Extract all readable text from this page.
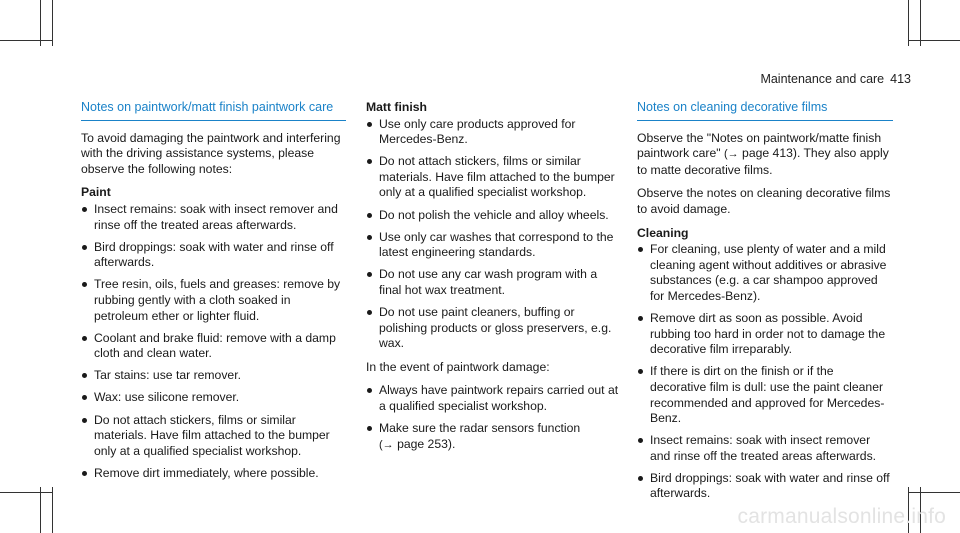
Maintenance and care 413
Notes on paintwork/matt finish paintwork care

To avoid damaging the paintwork and interfering with the driving assistance systems, please observe the following notes:

Paint
Insect remains: soak with insect remover and rinse off the treated areas afterwards.
Bird droppings: soak with water and rinse off afterwards.
Tree resin, oils, fuels and greases: remove by rubbing gently with a cloth soaked in petroleum ether or lighter fluid.
Coolant and brake fluid: remove with a damp cloth and clean water.
Tar stains: use tar remover.
Wax: use silicone remover.
Do not attach stickers, films or similar materials. Have film attached to the bumper only at a qualified specialist workshop.
Remove dirt immediately, where possible.
Matt finish
Use only care products approved for Mercedes-Benz.
Do not attach stickers, films or similar materials. Have film attached to the bumper only at a qualified specialist workshop.
Do not polish the vehicle and alloy wheels.
Use only car washes that correspond to the latest engineering standards.
Do not use any car wash program with a final hot wax treatment.
Do not use paint cleaners, buffing or polishing products or gloss preservers, e.g. wax.

In the event of paintwork damage:

Always have paintwork repairs carried out at a qualified specialist workshop.
Make sure the radar sensors function
(→ page 253).
Notes on cleaning decorative films

Observe the "Notes on paintwork/matte finish paintwork care" (→ page 413). They also apply to matte decorative films.

Observe the notes on cleaning decorative films to avoid damage.

Cleaning
For cleaning, use plenty of water and a mild cleaning agent without additives or abrasive substances (e.g. a car shampoo approved for Mercedes-Benz).
Remove dirt as soon as possible. Avoid rubbing too hard in order not to damage the decorative film irreparably.
If there is dirt on the finish or if the decorative film is dull: use the paint cleaner recommended and approved for Mercedes-Benz.
Insect remains: soak with insect remover and rinse off the treated areas afterwards.
Bird droppings: soak with water and rinse off afterwards.
carmanualsonline.info
